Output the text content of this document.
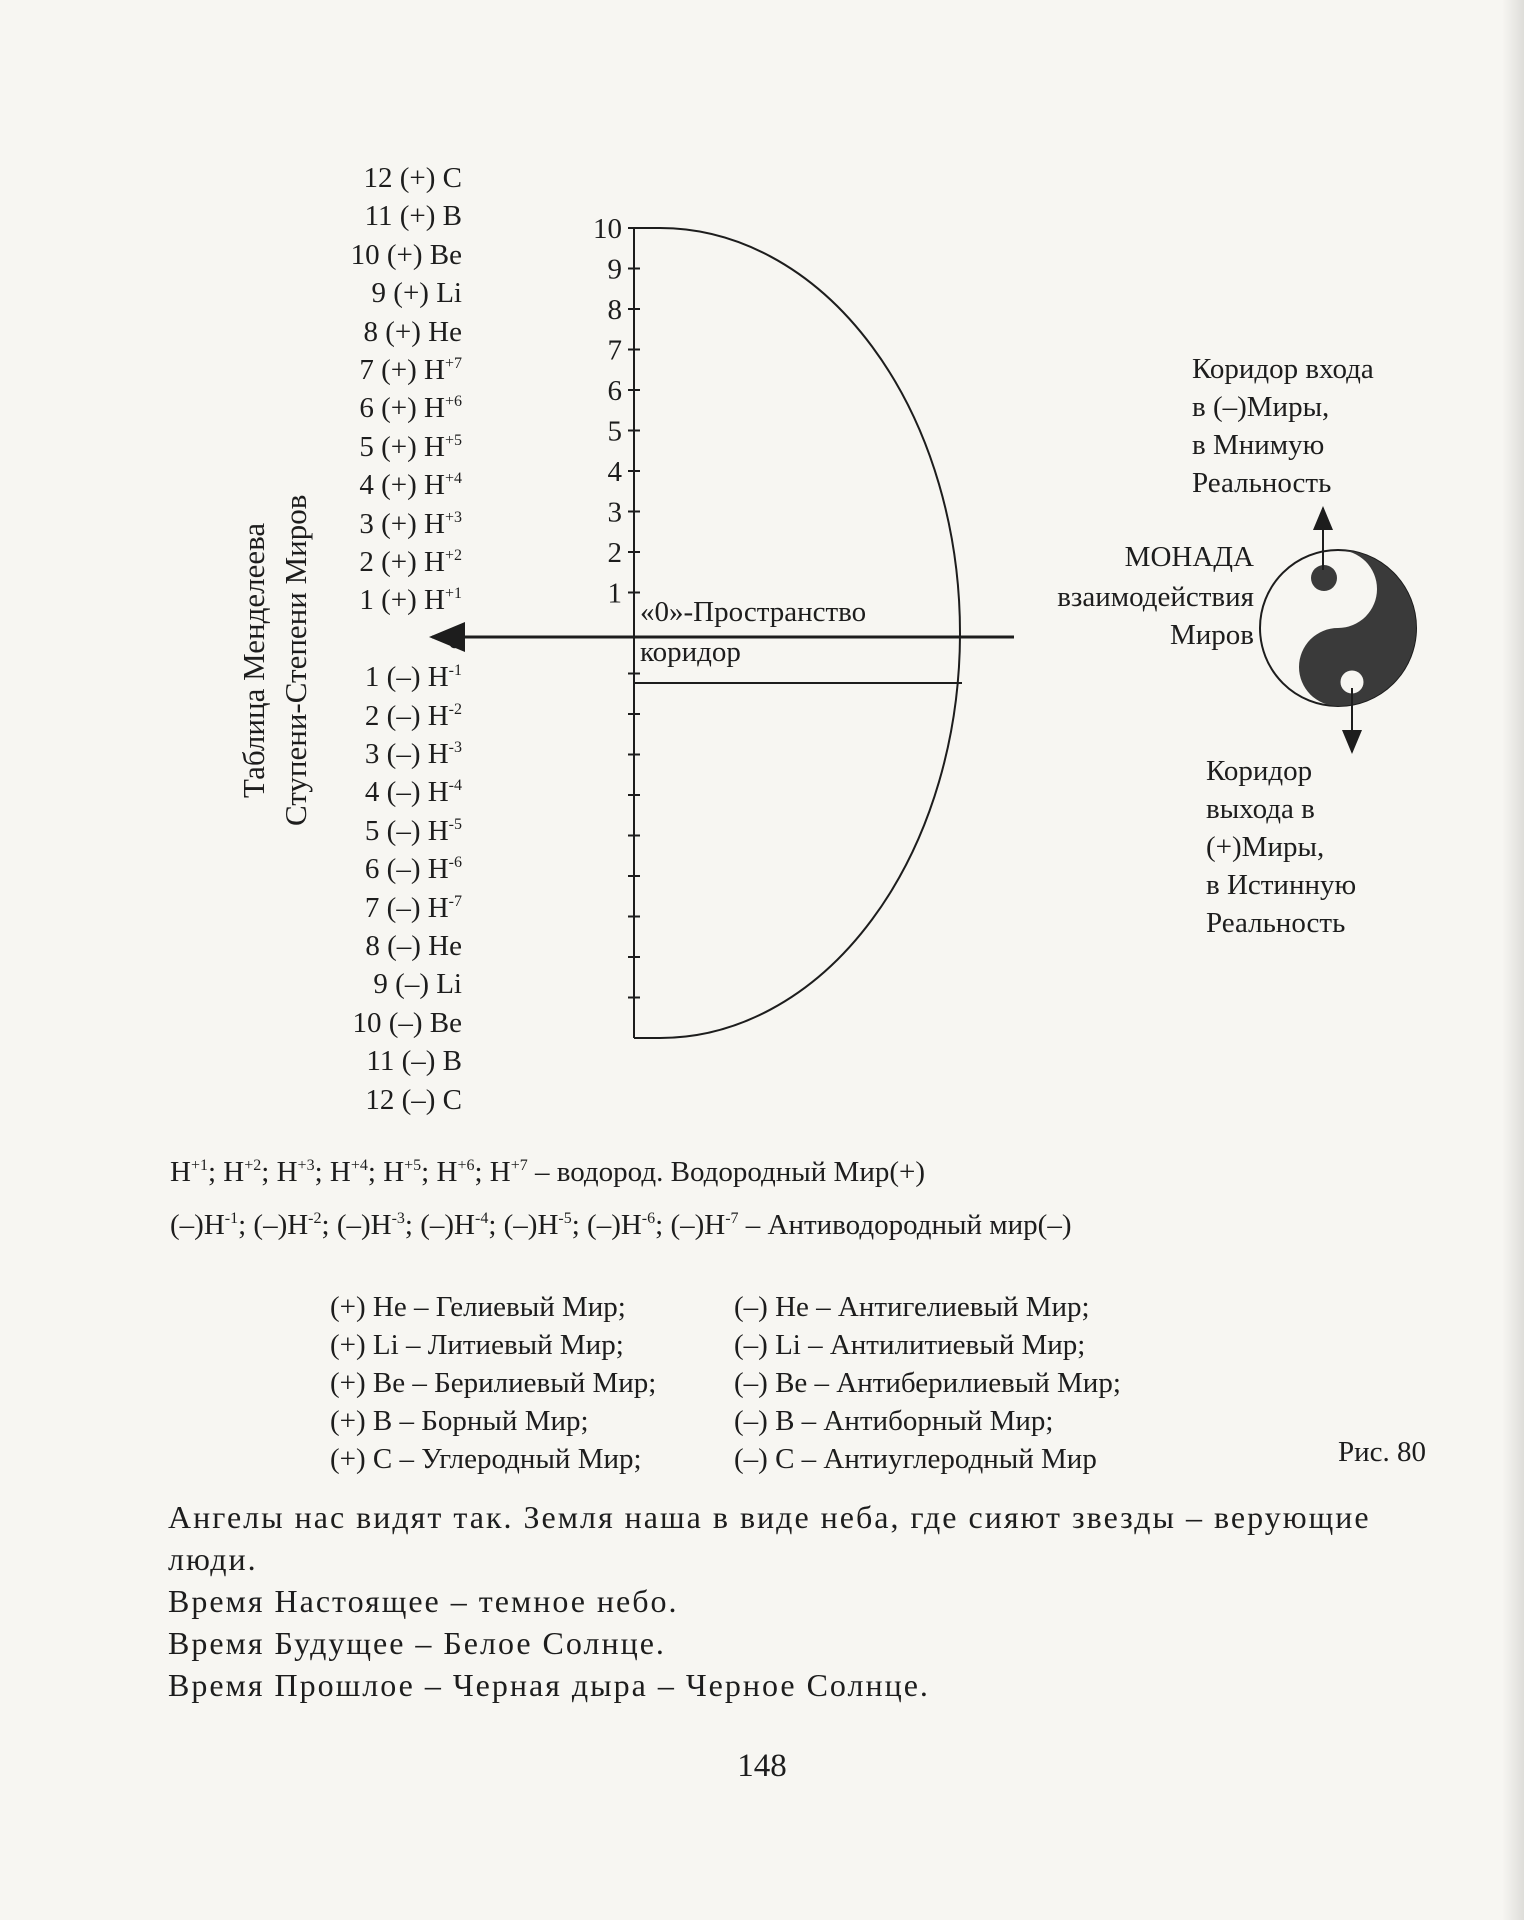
12 (+) C
11 (+) B
10 (+) Be
9 (+) Li
8 (+) He
7 (+) $H^{+7}$
6 (+) $H^{+6}$
5 (+) $H^{+5}$
4 (+) $H^{+4}$
3 (+) $H^{+3}$
2 (+) $H^{+2}$
1 (+) $H^{+1}$
0
1 (–) $H^{-1}$
2 (–) $H^{-2}$
3 (–) $H^{-3}$
4 (–) $H^{-4}$
5 (–) $H^{-5}$
6 (–) $H^{-6}$
7 (–) $H^{-7}$
8 (–) He
9 (–) Li
10 (–) Be
11 (–) B
12 (–) C
Таблица Менделеева Ступени-Степени Миров	1
2
3
4
5
6
7
8
9
10
«0»-Пространство
коридор
МОНАДА
взаимодействия
Миров
Коридор входа
в (–)Миры,
в Мнимую
Реальность
Коридор
выхода в
(+)Миры,
в Истинную
Реальность
$H^{+1}$; $H^{+2}$; $H^{+3}$; $H^{+4}$; $H^{+5}$; $H^{+6}$; $H^{+7}$ – водород. Водородный Мир(+)
$(-)H^{-1}$; $(-)H^{-2}$; $(-)H^{-3}$; $(-)H^{-4}$; $(-)H^{-5}$; $(-)H^{-6}$; $(-)H^{-7}$ – Антиводородный мир(–)
(+) He – Гелиевый Мир;
(+) Li – Литиевый Мир;
(+) Be – Берилиевый Мир;
(+) B – Борный Мир;
(+) C – Углеродный Мир;
(–) He – Антигелиевый Мир;
(–) Li – Антилитиевый Мир;
(–) Be – Антиберилиевый Мир;
(–) B – Антиборный Мир;
(–) C – Антиуглеродный Мир	Рис. 80

Ангелы нас видят так. Земля наша в виде неба, где сияют звезды – верующие люди.

Время Настоящее – темное небо.

Время Будущее – Белое Солнце.

Время Прошлое – Черная дыра – Черное Солнце.

148
